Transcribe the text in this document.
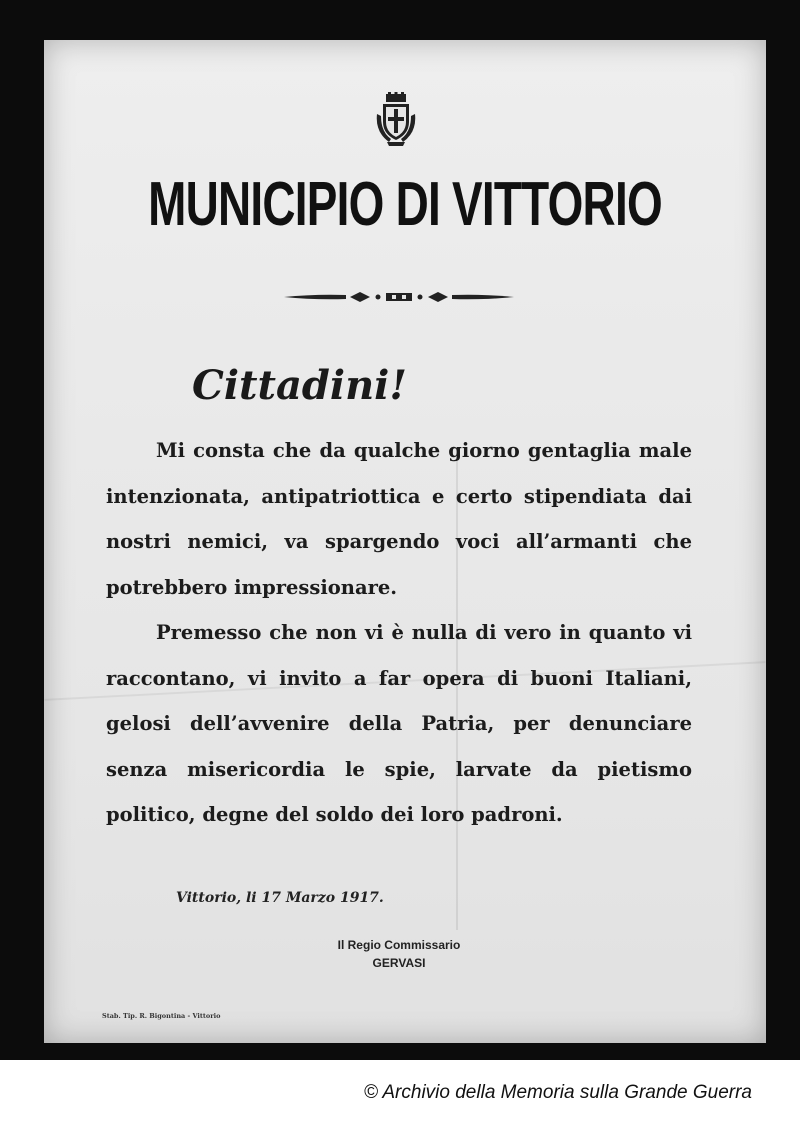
MUNICIPIO DI VITTORIO
Cittadini!

Mi consta che da qualche giorno gentaglia male intenzionata, antipatriottica e certo stipendiata dai nostri nemici, va spargendo voci all’armanti che potrebbero impressionare.

Premesso che non vi è nulla di vero in quanto vi raccontano, vi invito a far opera di buoni Italiani, gelosi dell’avvenire della Patria, per denunciare senza misericordia le spie, larvate da pietismo politico, degne del soldo dei loro padroni.

Vittorio, li 17 Marzo 1917.
Il Regio Commissario
GERVASI
Stab. Tip. R. Bigontina - Vittorio
© Archivio della Memoria sulla Grande Guerra
